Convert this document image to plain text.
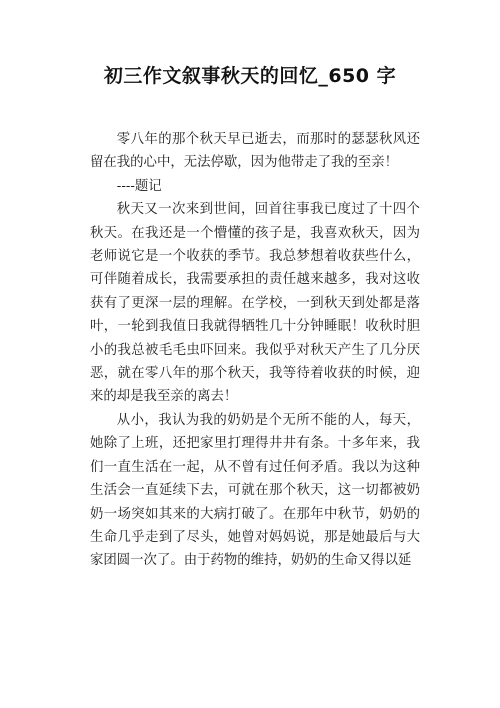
初三作文叙事秋天的回忆_650 字

零八年的那个秋天早已逝去，而那时的瑟瑟秋风还留在我的心中，无法停歇，因为他带走了我的至亲！

----题记

秋天又一次来到世间，回首往事我已度过了十四个秋天。在我还是一个懵懂的孩子是，我喜欢秋天，因为老师说它是一个收获的季节。我总梦想着收获些什么，可伴随着成长，我需要承担的责任越来越多，我对这收获有了更深一层的理解。在学校，一到秋天到处都是落叶，一轮到我值日我就得牺牲几十分钟睡眠！收秋时胆小的我总被毛毛虫吓回来。我似乎对秋天产生了几分厌恶，就在零八年的那个秋天，我等待着收获的时候，迎来的却是我至亲的离去！

从小，我认为我的奶奶是个无所不能的人，每天，她除了上班，还把家里打理得井井有条。十多年来，我们一直生活在一起，从不曾有过任何矛盾。我以为这种生活会一直延续下去，可就在那个秋天，这一切都被奶奶一场突如其来的大病打破了。在那年中秋节，奶奶的生命几乎走到了尽头，她曾对妈妈说，那是她最后与大家团圆一次了。由于药物的维持，奶奶的生命又得以延
